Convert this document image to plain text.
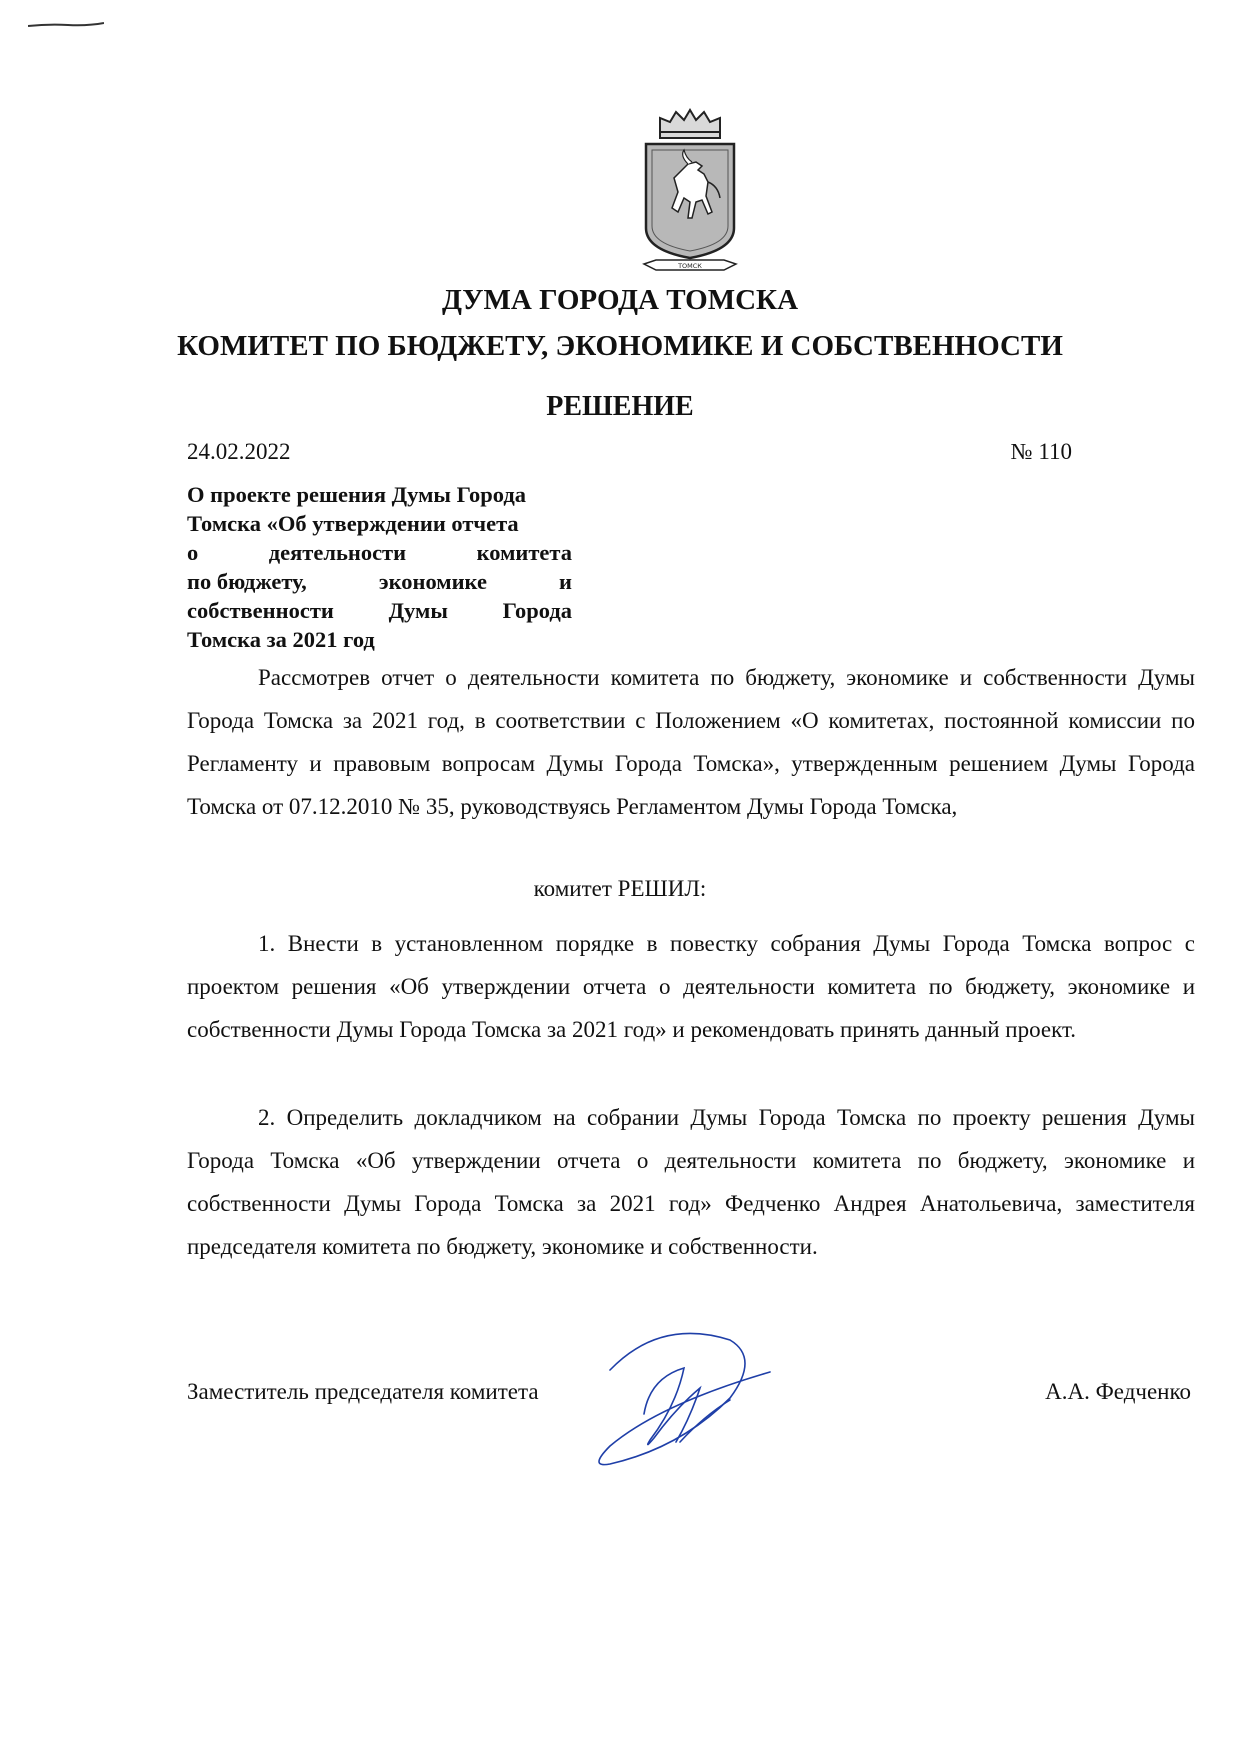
ТОМСК
ДУМА ГОРОДА ТОМСКА
КОМИТЕТ ПО БЮДЖЕТУ, ЭКОНОМИКЕ И СОБСТВЕННОСТИ
РЕШЕНИЕ
24.02.2022	№ 110
О проекте решения Думы Города
Томска «Об утверждении отчета
о	деятельности	комитета
по бюджету,	экономике	и
собственности Думы Города
Томска за 2021 год

Рассмотрев отчет о деятельности комитета по бюджету, экономике и собственности Думы Города Томска за 2021 год, в соответствии с Положением «О комитетах, постоянной комиссии по Регламенту и правовым вопросам Думы Города Томска», утвержденным решением Думы Города Томска от 07.12.2010 № 35, руководствуясь Регламентом Думы Города Томска,

комитет РЕШИЛ:

1. Внести в установленном порядке в повестку собрания Думы Города Томска вопрос с проектом решения «Об утверждении отчета о деятельности комитета по бюджету, экономике и собственности Думы Города Томска за 2021 год» и рекомендовать принять данный проект.

2. Определить докладчиком на собрании Думы Города Томска по проекту решения Думы Города Томска «Об утверждении отчета о деятельности комитета по бюджету, экономике и собственности Думы Города Томска за 2021 год» Федченко Андрея Анатольевича, заместителя председателя комитета по бюджету, экономике и собственности.

Заместитель председателя комитета	А.А. Федченко
